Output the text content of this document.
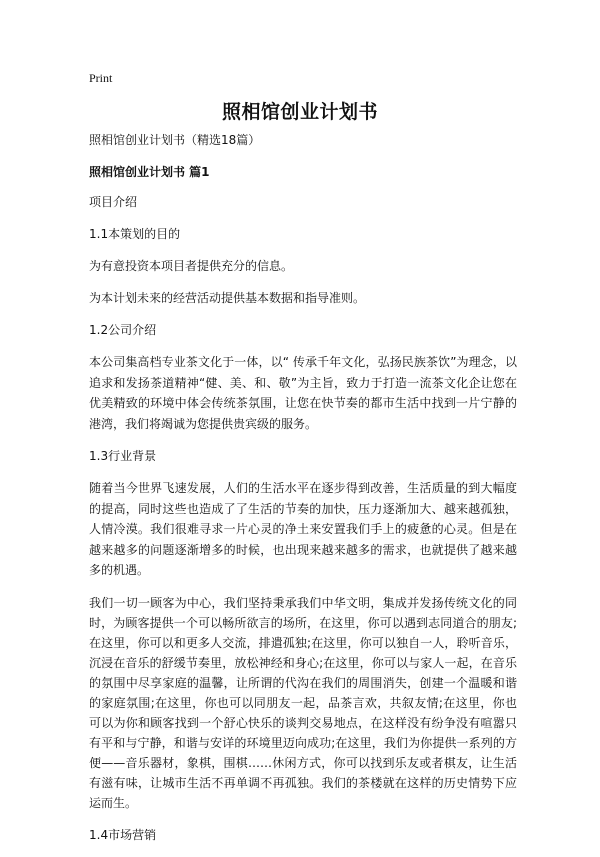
Print
照相馆创业计划书

照相馆创业计划书（精选18篇）

照相馆创业计划书 篇1

项目介绍

1.1本策划的目的

为有意投资本项目者提供充分的信息。

为本计划未来的经营活动提供基本数据和指导准则。

1.2公司介绍

本公司集高档专业茶文化于一体，以“ 传承千年文化，弘扬民族茶饮”为理念，以追求和发扬茶道精神“健、美、和、敬”为主旨，致力于打造一流茶文化企让您在优美精致的环境中体会传统茶氛围，让您在快节奏的都市生活中找到一片宁静的港湾，我们将竭诚为您提供贵宾级的服务。

1.3行业背景

随着当今世界飞速发展，人们的生活水平在逐步得到改善，生活质量的到大幅度的提高，同时这些也造成了了生活的节奏的加快，压力逐渐加大、越来越孤独，人情冷漠。我们很难寻求一片心灵的净土来安置我们手上的疲惫的心灵。但是在越来越多的问题逐渐增多的时候，也出现来越来越多的需求，也就提供了越来越多的机遇。

我们一切一顾客为中心，我们坚持秉承我们中华文明，集成并发扬传统文化的同时，为顾客提供一个可以畅所欲言的场所，在这里，你可以遇到志同道合的朋友;在这里，你可以和更多人交流，排遣孤独;在这里，你可以独自一人，聆听音乐，沉浸在音乐的舒缓节奏里，放松神经和身心;在这里，你可以与家人一起，在音乐的氛围中尽享家庭的温馨，让所谓的代沟在我们的周围消失，创建一个温暖和谐的家庭氛围;在这里，你也可以同朋友一起，品茶言欢，共叙友情;在这里，你也可以为你和顾客找到一个舒心快乐的谈判交易地点，在这样没有纷争没有喧嚣只有平和与宁静，和谐与安详的环境里迈向成功;在这里，我们为你提供一系列的方便——音乐器材，象棋，围棋……休闲方式，你可以找到乐友或者棋友，让生活有滋有味，让城市生活不再单调不再孤独。我们的茶楼就在这样的历史情势下应运而生。

1.4市场营销
